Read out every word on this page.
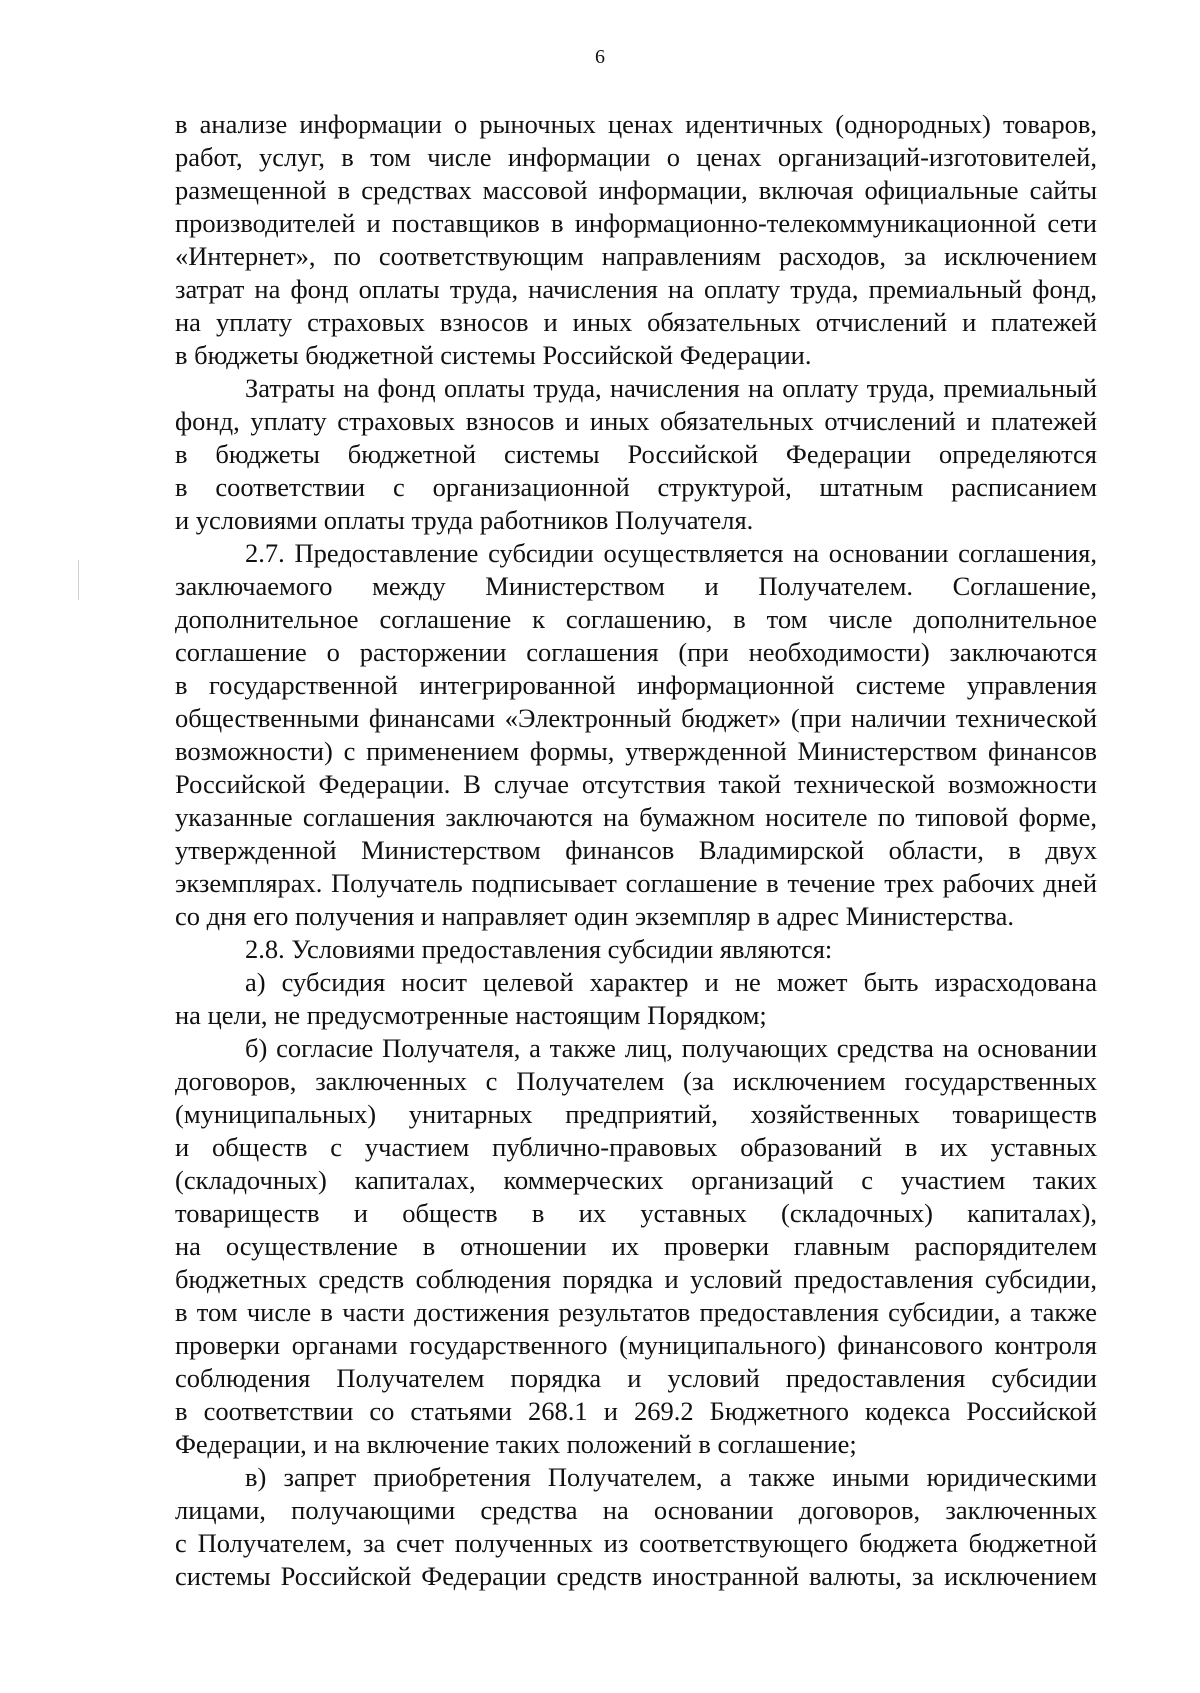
6

в анализе информации о рыночных ценах идентичных (однородных) товаров,
работ, услуг, в том числе информации о ценах организаций-изготовителей,
размещенной в средствах массовой информации, включая официальные сайты
производителей и поставщиков в информационно-телекоммуникационной сети
«Интернет», по соответствующим направлениям расходов, за исключением
затрат на фонд оплаты труда, начисления на оплату труда, премиальный фонд,
на уплату страховых взносов и иных обязательных отчислений и платежей
в бюджеты бюджетной системы Российской Федерации.

Затраты на фонд оплаты труда, начисления на оплату труда, премиальный
фонд, уплату страховых взносов и иных обязательных отчислений и платежей
в бюджеты бюджетной системы Российской Федерации определяются
в соответствии с организационной структурой, штатным расписанием
и условиями оплаты труда работников Получателя.

2.7. Предоставление субсидии осуществляется на основании соглашения,
заключаемого между Министерством и Получателем. Соглашение,
дополнительное соглашение к соглашению, в том числе дополнительное
соглашение о расторжении соглашения (при необходимости) заключаются
в государственной интегрированной информационной системе управления
общественными финансами «Электронный бюджет» (при наличии технической
возможности) с применением формы, утвержденной Министерством финансов
Российской Федерации. В случае отсутствия такой технической возможности
указанные соглашения заключаются на бумажном носителе по типовой форме,
утвержденной Министерством финансов Владимирской области, в двух
экземплярах. Получатель подписывает соглашение в течение трех рабочих дней
со дня его получения и направляет один экземпляр в адрес Министерства.

2.8. Условиями предоставления субсидии являются:

а) субсидия носит целевой характер и не может быть израсходована
на цели, не предусмотренные настоящим Порядком;

б) согласие Получателя, а также лиц, получающих средства на основании
договоров, заключенных с Получателем (за исключением государственных
(муниципальных) унитарных предприятий, хозяйственных товариществ
и обществ с участием публично-правовых образований в их уставных
(складочных) капиталах, коммерческих организаций с участием таких
товариществ и обществ в их уставных (складочных) капиталах),
на осуществление в отношении их проверки главным распорядителем
бюджетных средств соблюдения порядка и условий предоставления субсидии,
в том числе в части достижения результатов предоставления субсидии, а также
проверки органами государственного (муниципального) финансового контроля
соблюдения Получателем порядка и условий предоставления субсидии
в соответствии со статьями 268.1 и 269.2 Бюджетного кодекса Российской
Федерации, и на включение таких положений в соглашение;

в) запрет приобретения Получателем, а также иными юридическими
лицами, получающими средства на основании договоров, заключенных
с Получателем, за счет полученных из соответствующего бюджета бюджетной
системы Российской Федерации средств иностранной валюты, за исключением
